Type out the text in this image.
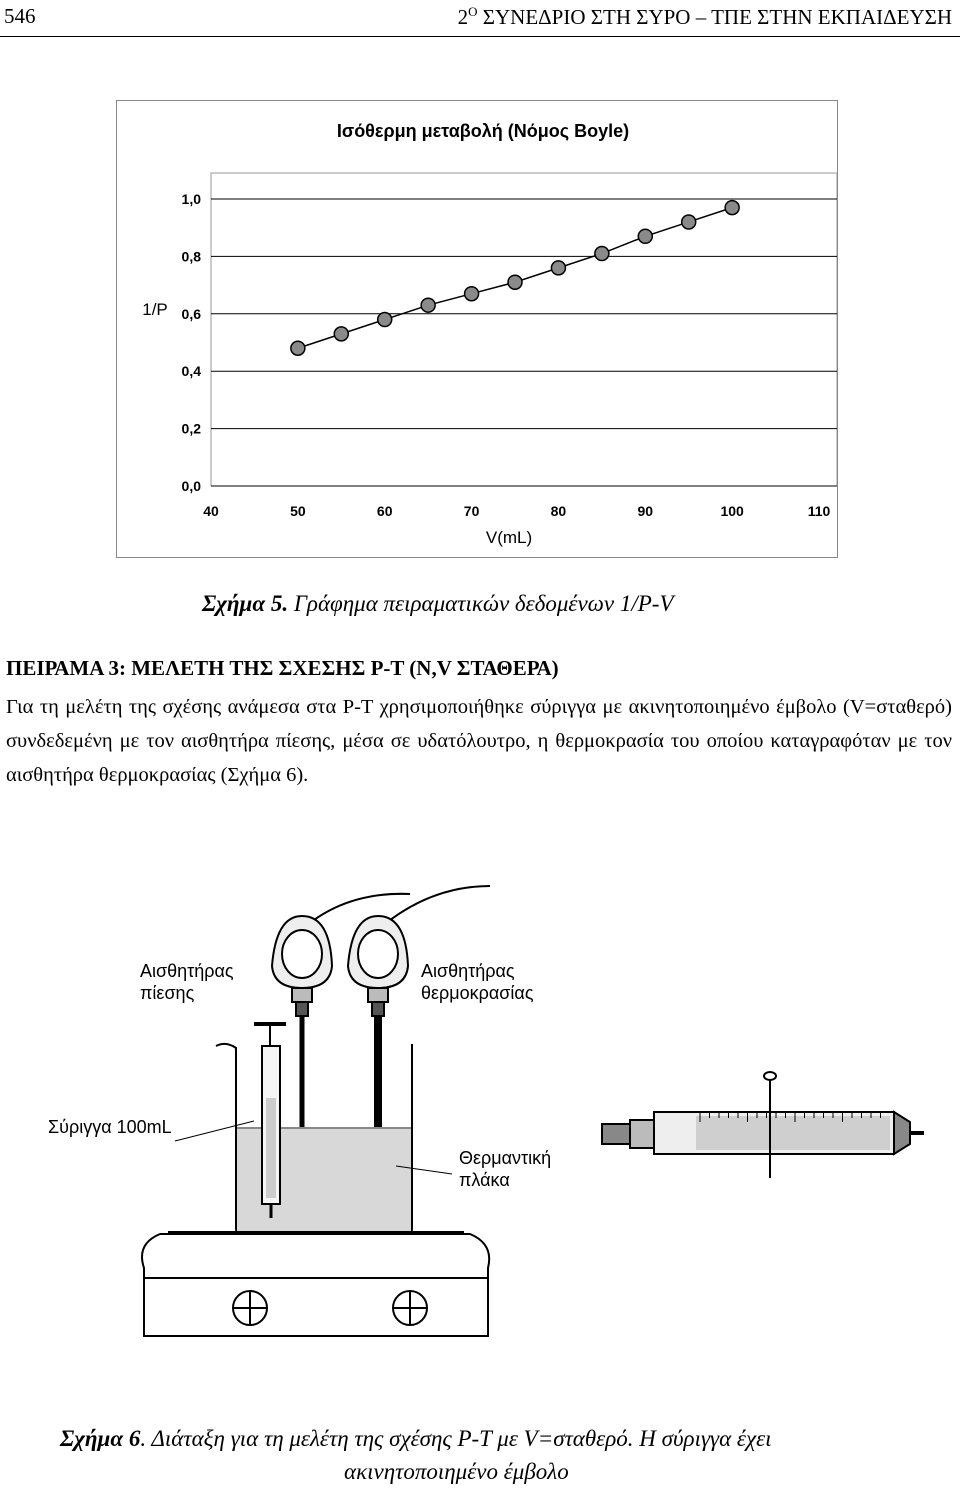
546	$2^O$ ΣΥΝΕΔΡΙΟ ΣΤΗ ΣΥΡΟ – ΤΠΕ ΣΤΗΝ ΕΚΠΑΙΔΕΥΣΗ
Ισόθερμη μεταβολή (Νόμος Boyle)
1/P
V(mL)
0,0
0,2
0,4
0,6
0,8
1,0
40	50	60	70	80	90	100	110
Σχήμα 5. Γράφημα πειραματικών δεδομένων 1/P-V
ΠΕΙΡΑΜΑ 3: ΜΕΛΕΤΗ ΤΗΣ ΣΧΕΣΗΣ P-T (N,V ΣΤΑΘΕΡΑ)
Για τη μελέτη της σχέσης ανάμεσα στα P-T χρησιμοποιήθηκε σύριγγα με ακινητοποιημένο έμβολο (V=σταθερό) συνδεδεμένη με τον αισθητήρα πίεσης, μέσα σε υδατόλουτρο, η θερμοκρασία του οποίου καταγραφόταν με τον αισθητήρα θερμοκρασίας (Σχήμα 6).
Αισθητήρας
πίεσης
Αισθητήρας
θερμοκρασίας
Σύριγγα 100mL
Θερμαντική
πλάκα
Σχήμα 6. Διάταξη για τη μελέτη της σχέσης P-T με V=σταθερό. Η σύριγγα έχει
ακινητοποιημένο έμβολο
